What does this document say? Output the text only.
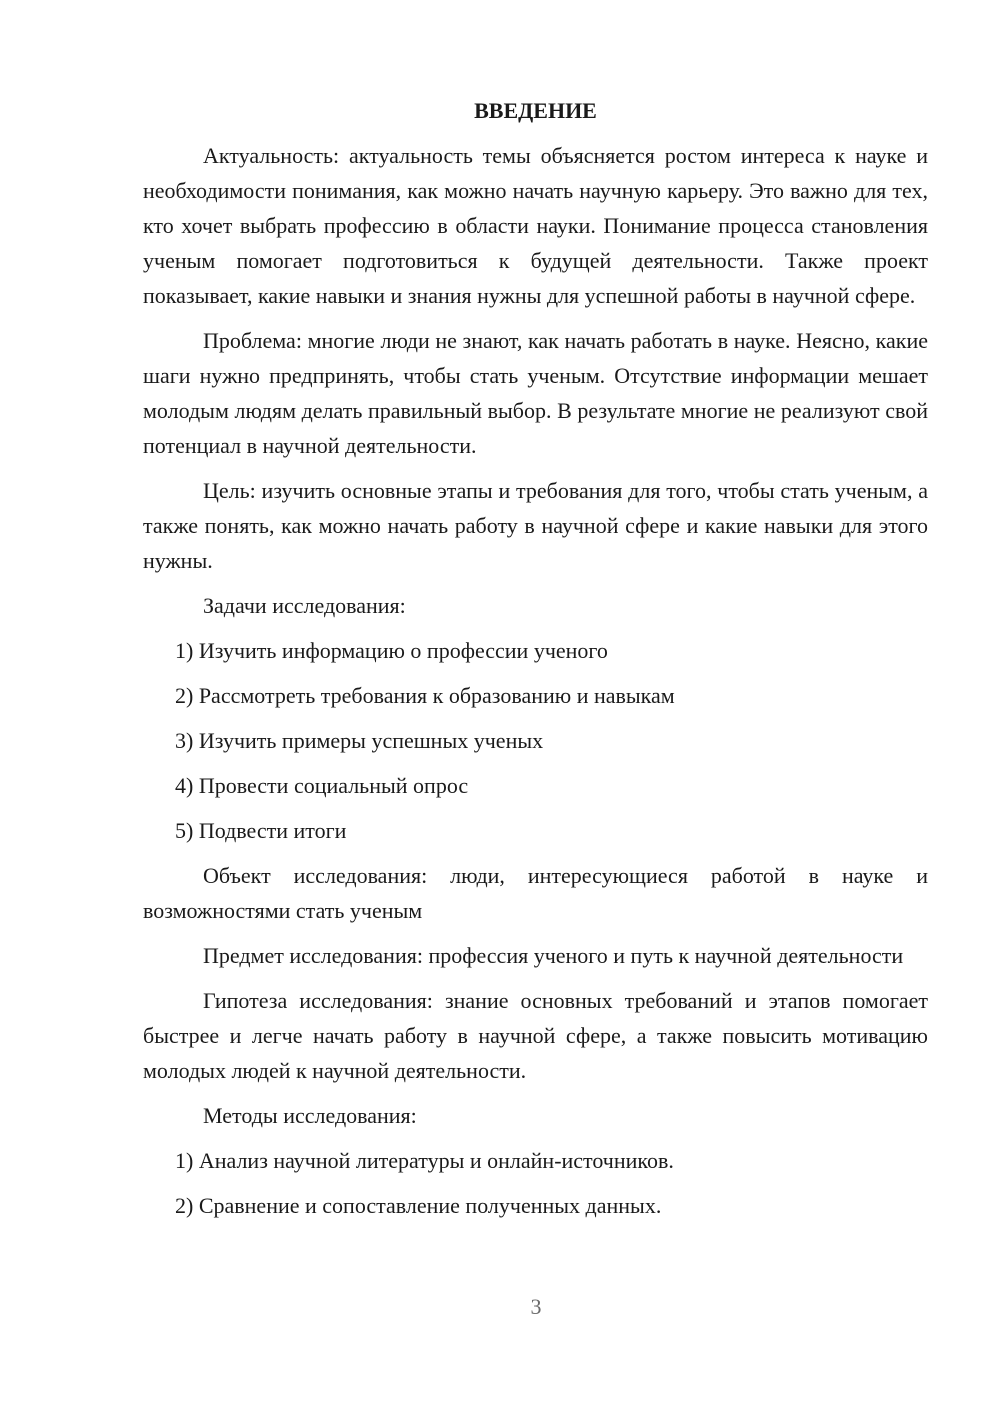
ВВЕДЕНИЕ

Актуальность: актуальность темы объясняется ростом интереса к науке и необходимости понимания, как можно начать научную карьеру. Это важно для тех, кто хочет выбрать профессию в области науки. Понимание процесса становления ученым помогает подготовиться к будущей деятельности. Также проект показывает, какие навыки и знания нужны для успешной работы в научной сфере.

Проблема: многие люди не знают, как начать работать в науке. Неясно, какие шаги нужно предпринять, чтобы стать ученым. Отсутствие информации мешает молодым людям делать правильный выбор. В результате многие не реализуют свой потенциал в научной деятельности.

Цель: изучить основные этапы и требования для того, чтобы стать ученым, а также понять, как можно начать работу в научной сфере и какие навыки для этого нужны.

Задачи исследования:

1) Изучить информацию о профессии ученого

2) Рассмотреть требования к образованию и навыкам

3) Изучить примеры успешных ученых

4) Провести социальный опрос

5) Подвести итоги

Объект исследования: люди, интересующиеся работой в науке и возможностями стать ученым

Предмет исследования: профессия ученого и путь к научной деятельности

Гипотеза исследования: знание основных требований и этапов помогает быстрее и легче начать работу в научной сфере, а также повысить мотивацию молодых людей к научной деятельности.

Методы исследования:

1) Анализ научной литературы и онлайн-источников.

2) Сравнение и сопоставление полученных данных.

3
